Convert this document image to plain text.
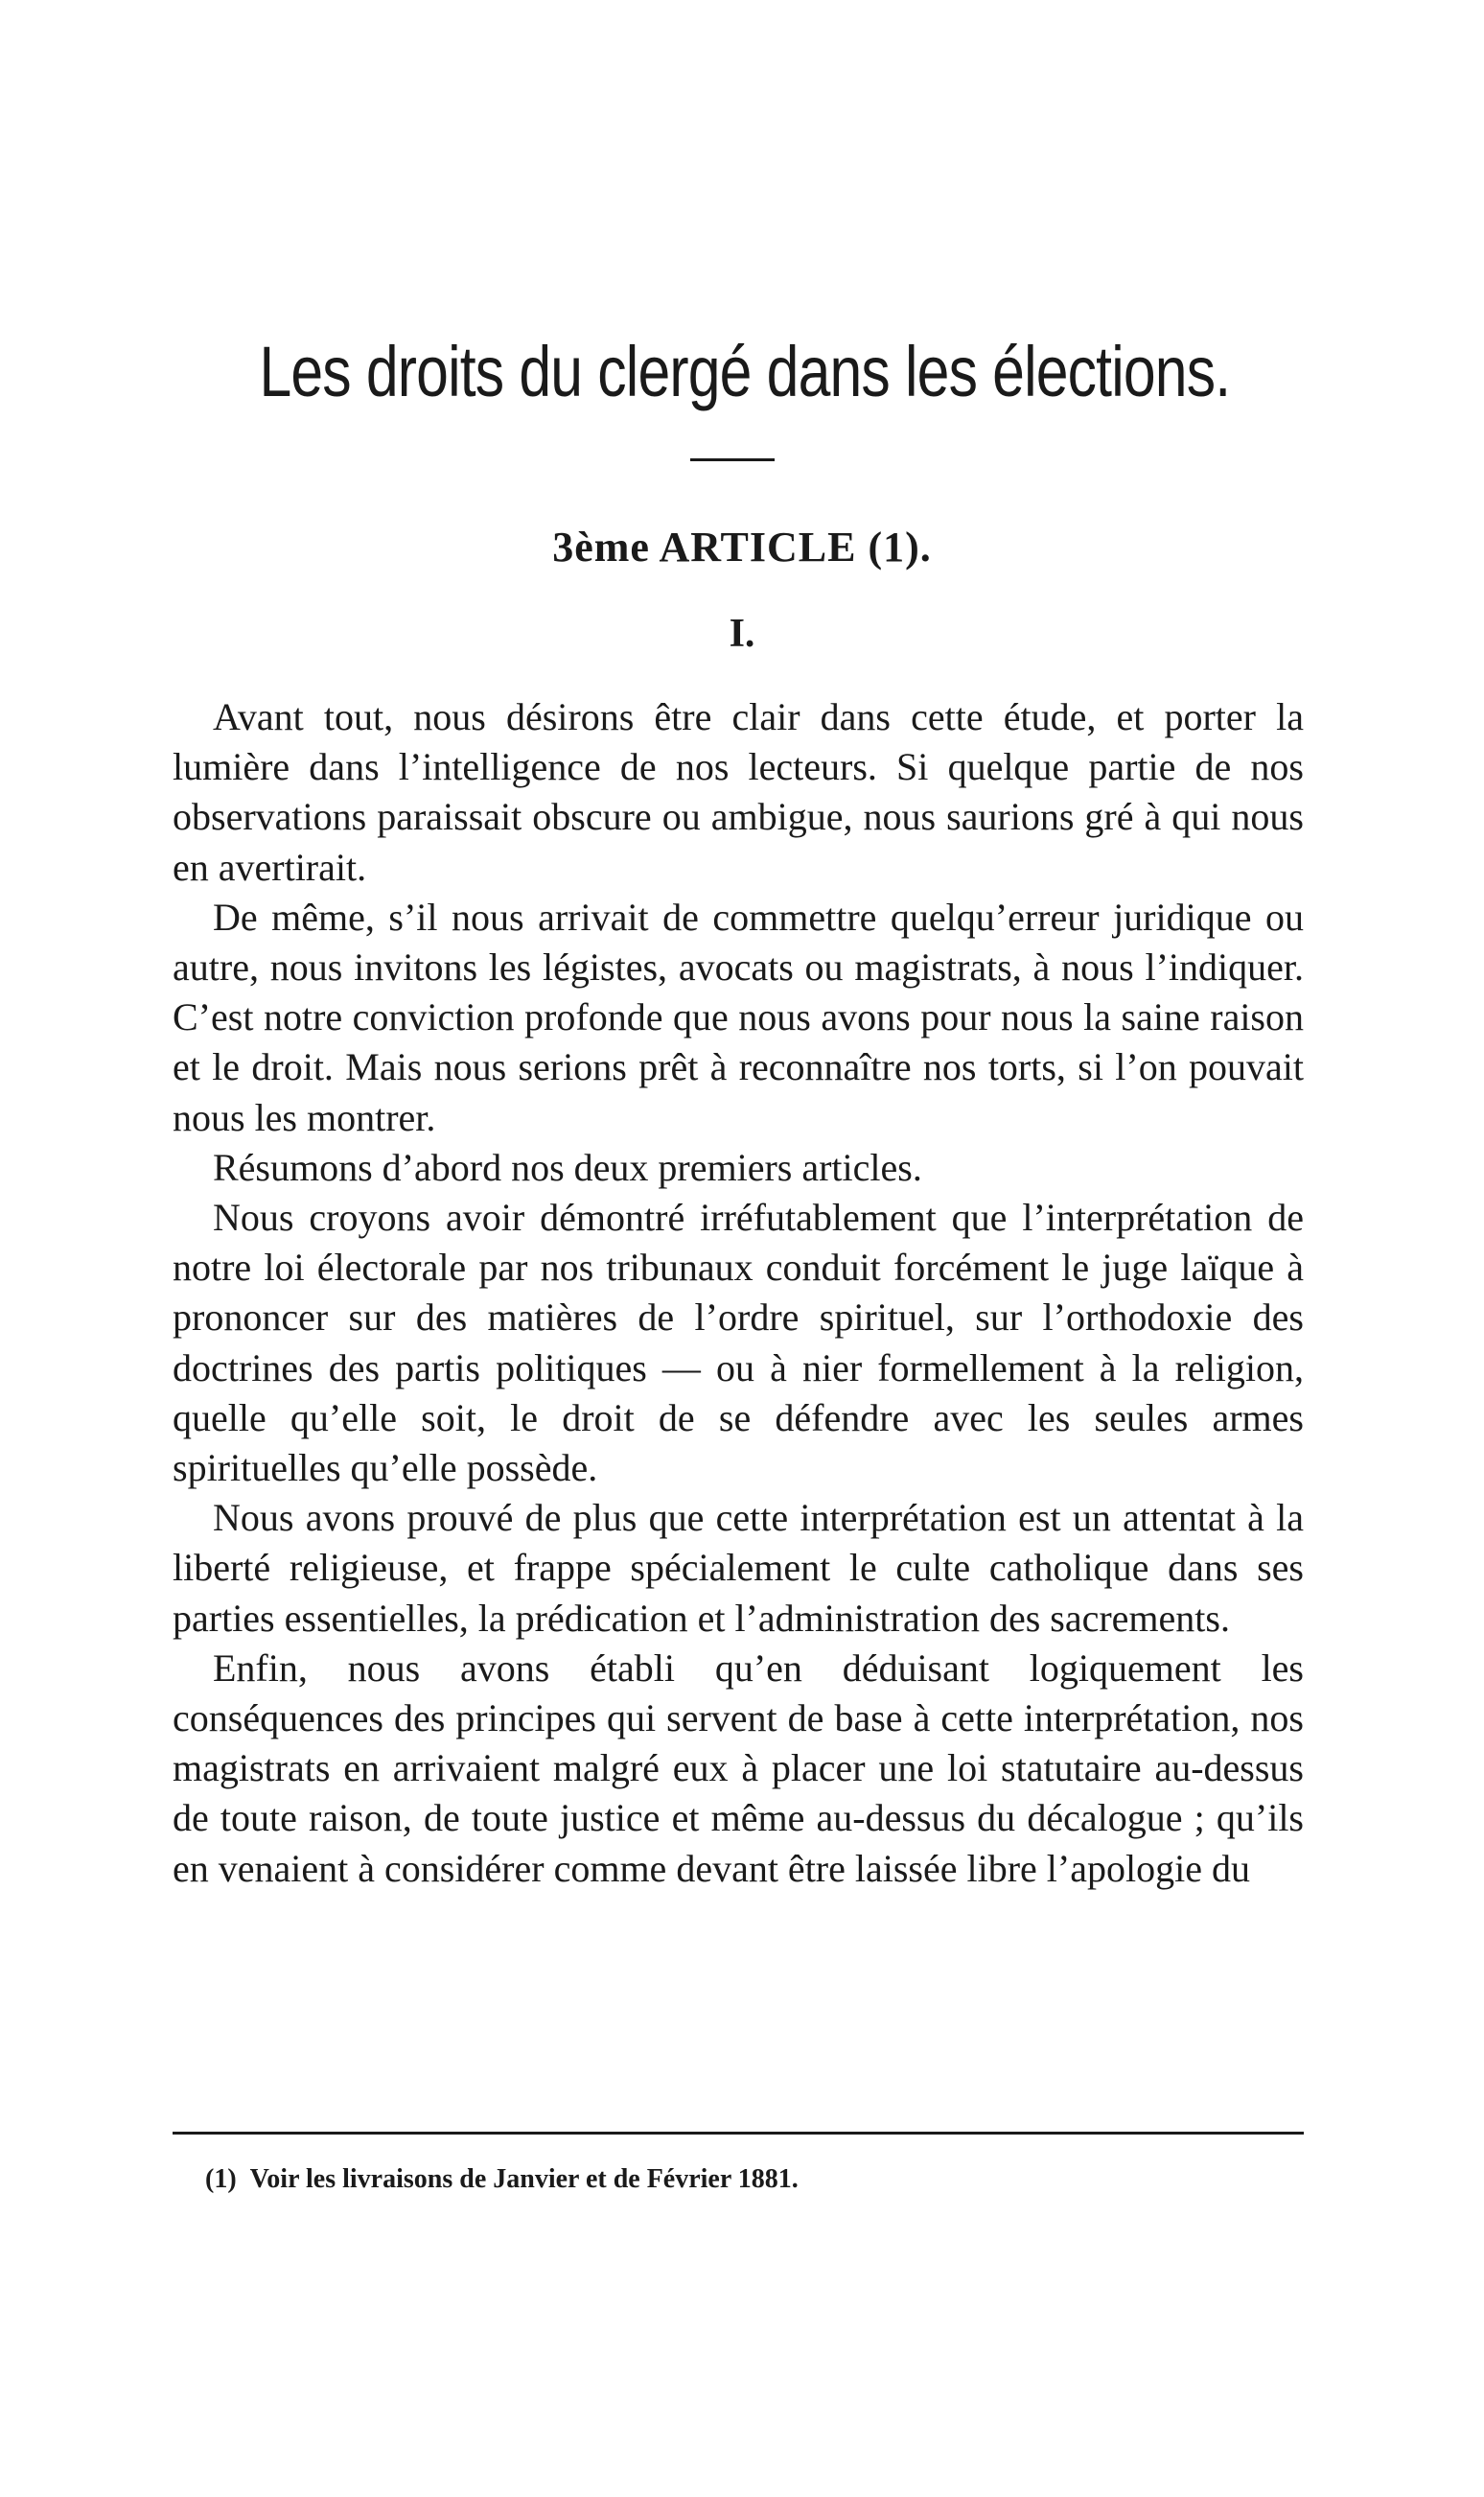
Les droits du clergé dans les élections.
3ème ARTICLE (1).
I.

Avant tout, nous désirons être clair dans cette étude, et porter la lumière dans l’intelligence de nos lecteurs. Si quelque partie de nos observations paraissait obscure ou ambigue, nous saurions gré à qui nous en avertirait.

De même, s’il nous arrivait de commettre quelqu’erreur juridique ou autre, nous invitons les légistes, avocats ou magistrats, à nous l’indiquer. C’est notre conviction profonde que nous avons pour nous la saine raison et le droit. Mais nous serions prêt à reconnaître nos torts, si l’on pouvait nous les montrer.

Résumons d’abord nos deux premiers articles.

Nous croyons avoir démontré irréfutablement que l’interprétation de notre loi électorale par nos tribunaux conduit forcément le juge laïque à prononcer sur des matières de l’ordre spirituel, sur l’orthodoxie des doctrines des partis politiques — ou à nier formellement à la religion, quelle qu’elle soit, le droit de se défendre avec les seules armes spirituelles qu’elle possède.

Nous avons prouvé de plus que cette interprétation est un attentat à la liberté religieuse, et frappe spécialement le culte catholique dans ses parties essentielles, la prédication et l’administration des sacrements.

Enfin, nous avons établi qu’en déduisant logiquement les conséquences des principes qui servent de base à cette interprétation, nos magistrats en arrivaient malgré eux à placer une loi statutaire au-dessus de toute raison, de toute justice et même au-dessus du décalogue ; qu’ils en venaient à considérer comme devant être laissée libre l’apologie du

(1) Voir les livraisons de Janvier et de Février 1881.
